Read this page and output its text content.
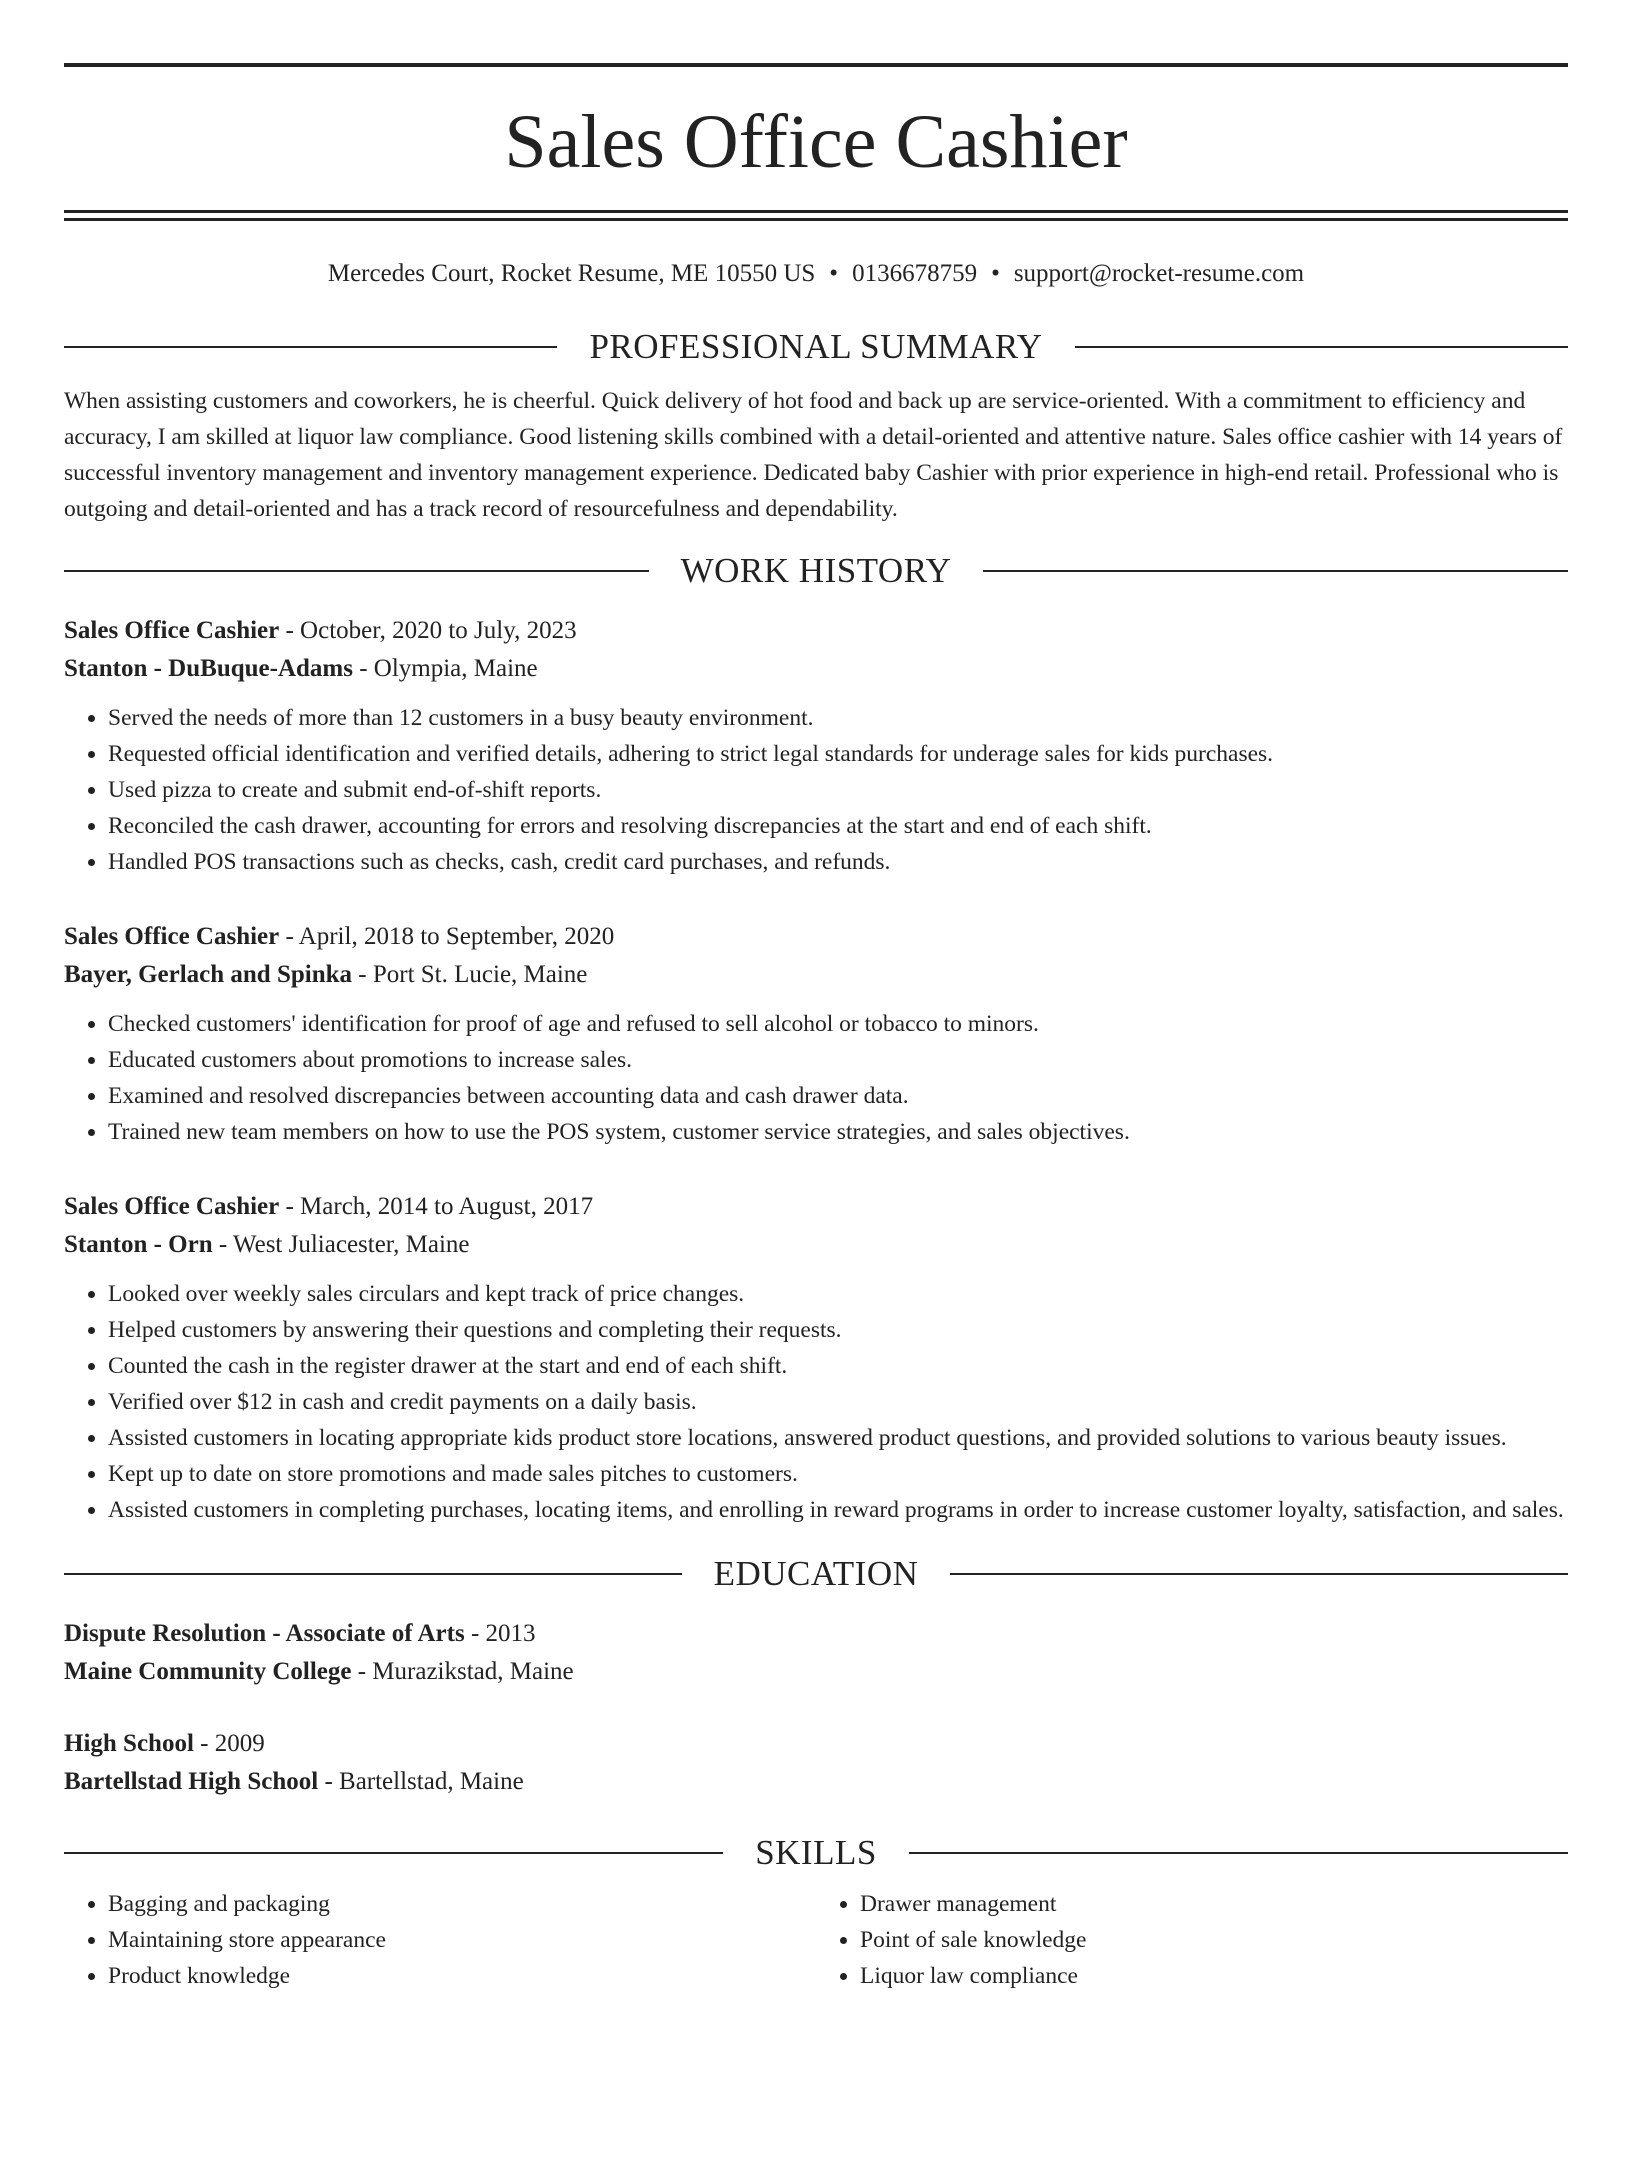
Sales Office Cashier
Mercedes Court, Rocket Resume, ME 10550 US • 0136678759 • support@rocket-resume.com
PROFESSIONAL SUMMARY

When assisting customers and coworkers, he is cheerful. Quick delivery of hot food and back up are service-oriented. With a commitment to efficiency and accuracy, I am skilled at liquor law compliance. Good listening skills combined with a detail-oriented and attentive nature. Sales office cashier with 14 years of successful inventory management and inventory management experience. Dedicated baby Cashier with prior experience in high-end retail. Professional who is outgoing and detail-oriented and has a track record of resourcefulness and dependability.

WORK HISTORY
Sales Office Cashier - October, 2020 to July, 2023
Stanton - DuBuque-Adams - Olympia, Maine
• Served the needs of more than 12 customers in a busy beauty environment.
• Requested official identification and verified details, adhering to strict legal standards for underage sales for kids purchases.
• Used pizza to create and submit end-of-shift reports.
• Reconciled the cash drawer, accounting for errors and resolving discrepancies at the start and end of each shift.
• Handled POS transactions such as checks, cash, credit card purchases, and refunds.
Sales Office Cashier - April, 2018 to September, 2020
Bayer, Gerlach and Spinka - Port St. Lucie, Maine
• Checked customers' identification for proof of age and refused to sell alcohol or tobacco to minors.
• Educated customers about promotions to increase sales.
• Examined and resolved discrepancies between accounting data and cash drawer data.
• Trained new team members on how to use the POS system, customer service strategies, and sales objectives.
Sales Office Cashier - March, 2014 to August, 2017
Stanton - Orn - West Juliacester, Maine
• Looked over weekly sales circulars and kept track of price changes.
• Helped customers by answering their questions and completing their requests.
• Counted the cash in the register drawer at the start and end of each shift.
• Verified over $12 in cash and credit payments on a daily basis.
• Assisted customers in locating appropriate kids product store locations, answered product questions, and provided solutions to various beauty issues.
• Kept up to date on store promotions and made sales pitches to customers.
• Assisted customers in completing purchases, locating items, and enrolling in reward programs in order to increase customer loyalty, satisfaction, and sales.
EDUCATION
Dispute Resolution - Associate of Arts - 2013
Maine Community College - Murazikstad, Maine
High School - 2009
Bartellstad High School - Bartellstad, Maine
SKILLS
• Bagging and packaging
• Maintaining store appearance
• Product knowledge
• Drawer management
• Point of sale knowledge
• Liquor law compliance
